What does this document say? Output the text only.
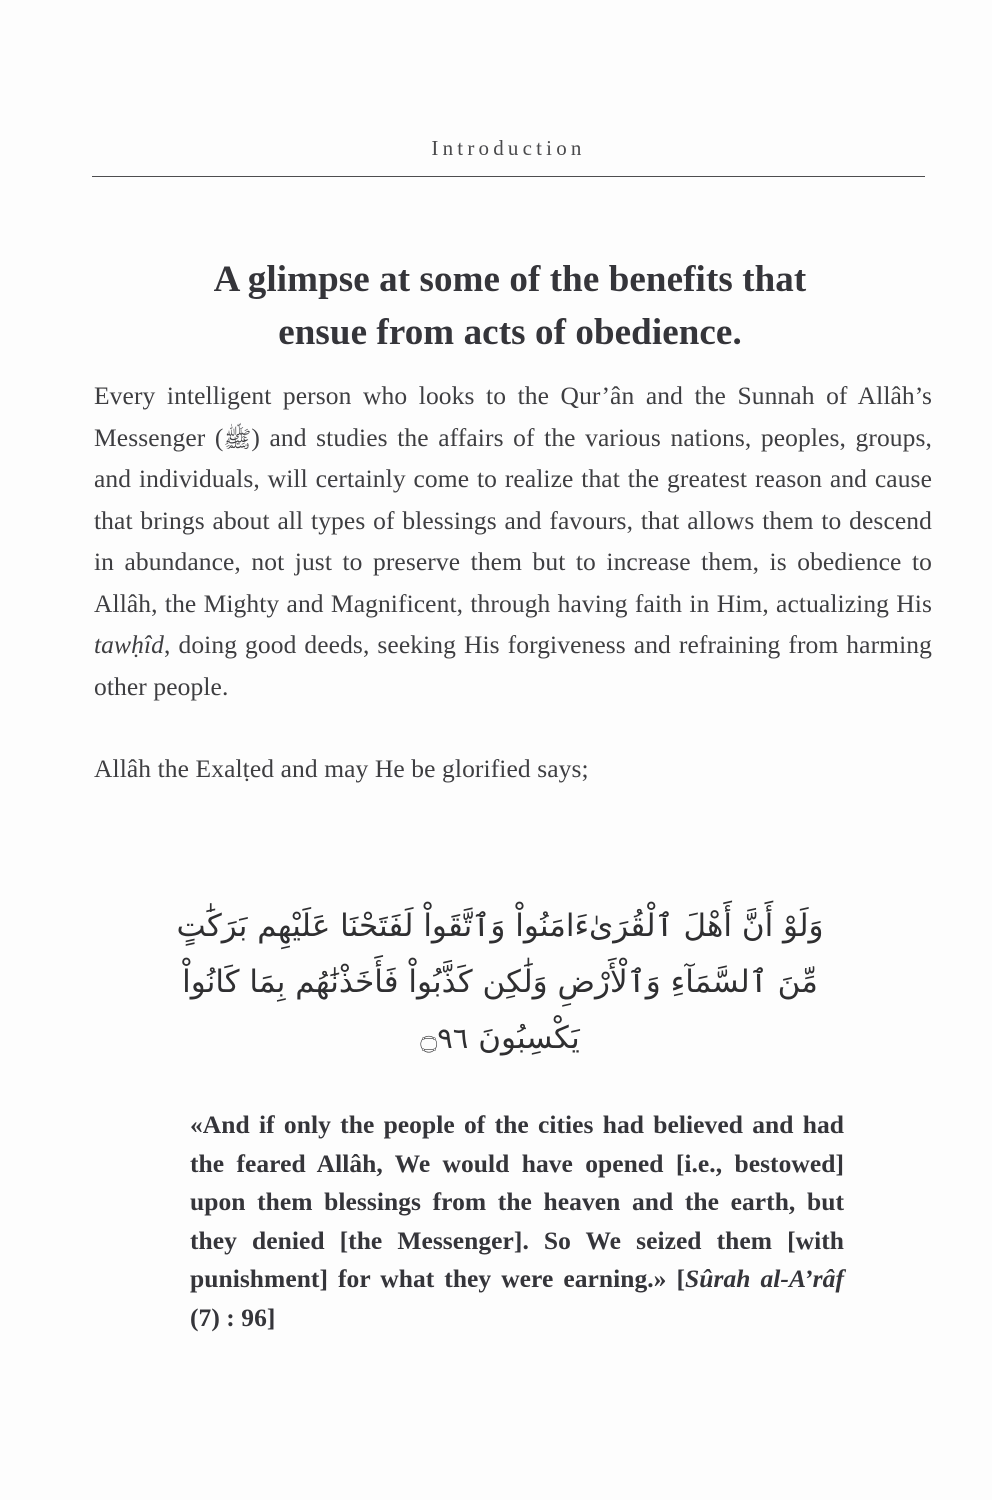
Introduction
A glimpse at some of the benefits that
ensue from acts of obedience.

Every intelligent person who looks to the Qur’ân and the Sunnah of Allâh’s Messenger (ﷺ) and studies the affairs of the various nations, peoples, groups, and individuals, will certainly come to realize that the greatest reason and cause that brings about all types of blessings and favours, that allows them to descend in abundance, not just to preserve them but to increase them, is obedience to Allâh, the Mighty and Magnificent, through having faith in Him, actualizing His tawḥîd, doing good deeds, seeking His forgiveness and refraining from harming other people.

Allâh the Exalṭed and may He be glorified says;

وَلَوْ أَنَّ أَهْلَ ٱلْقُرَىٰءَامَنُواْ وَٱتَّقَواْ لَفَتَحْنَا عَلَيْهِم بَرَكَٰتٍ
مِّنَ ٱلسَّمَآءِ وَٱلْأَرْضِ وَلَٰكِن كَذَّبُواْ فَأَخَذْنَٰهُم بِمَا كَانُواْ
يَكْسِبُونَ ۝٩٦
«And if only the people of the cities had believed and had the feared Allâh, We would have opened [i.e., bestowed] upon them blessings from the heaven and the earth, but they denied [the Messenger]. So We seized them [with punishment] for what they were earning.» [Sûrah al-A’râf (7) : 96]
